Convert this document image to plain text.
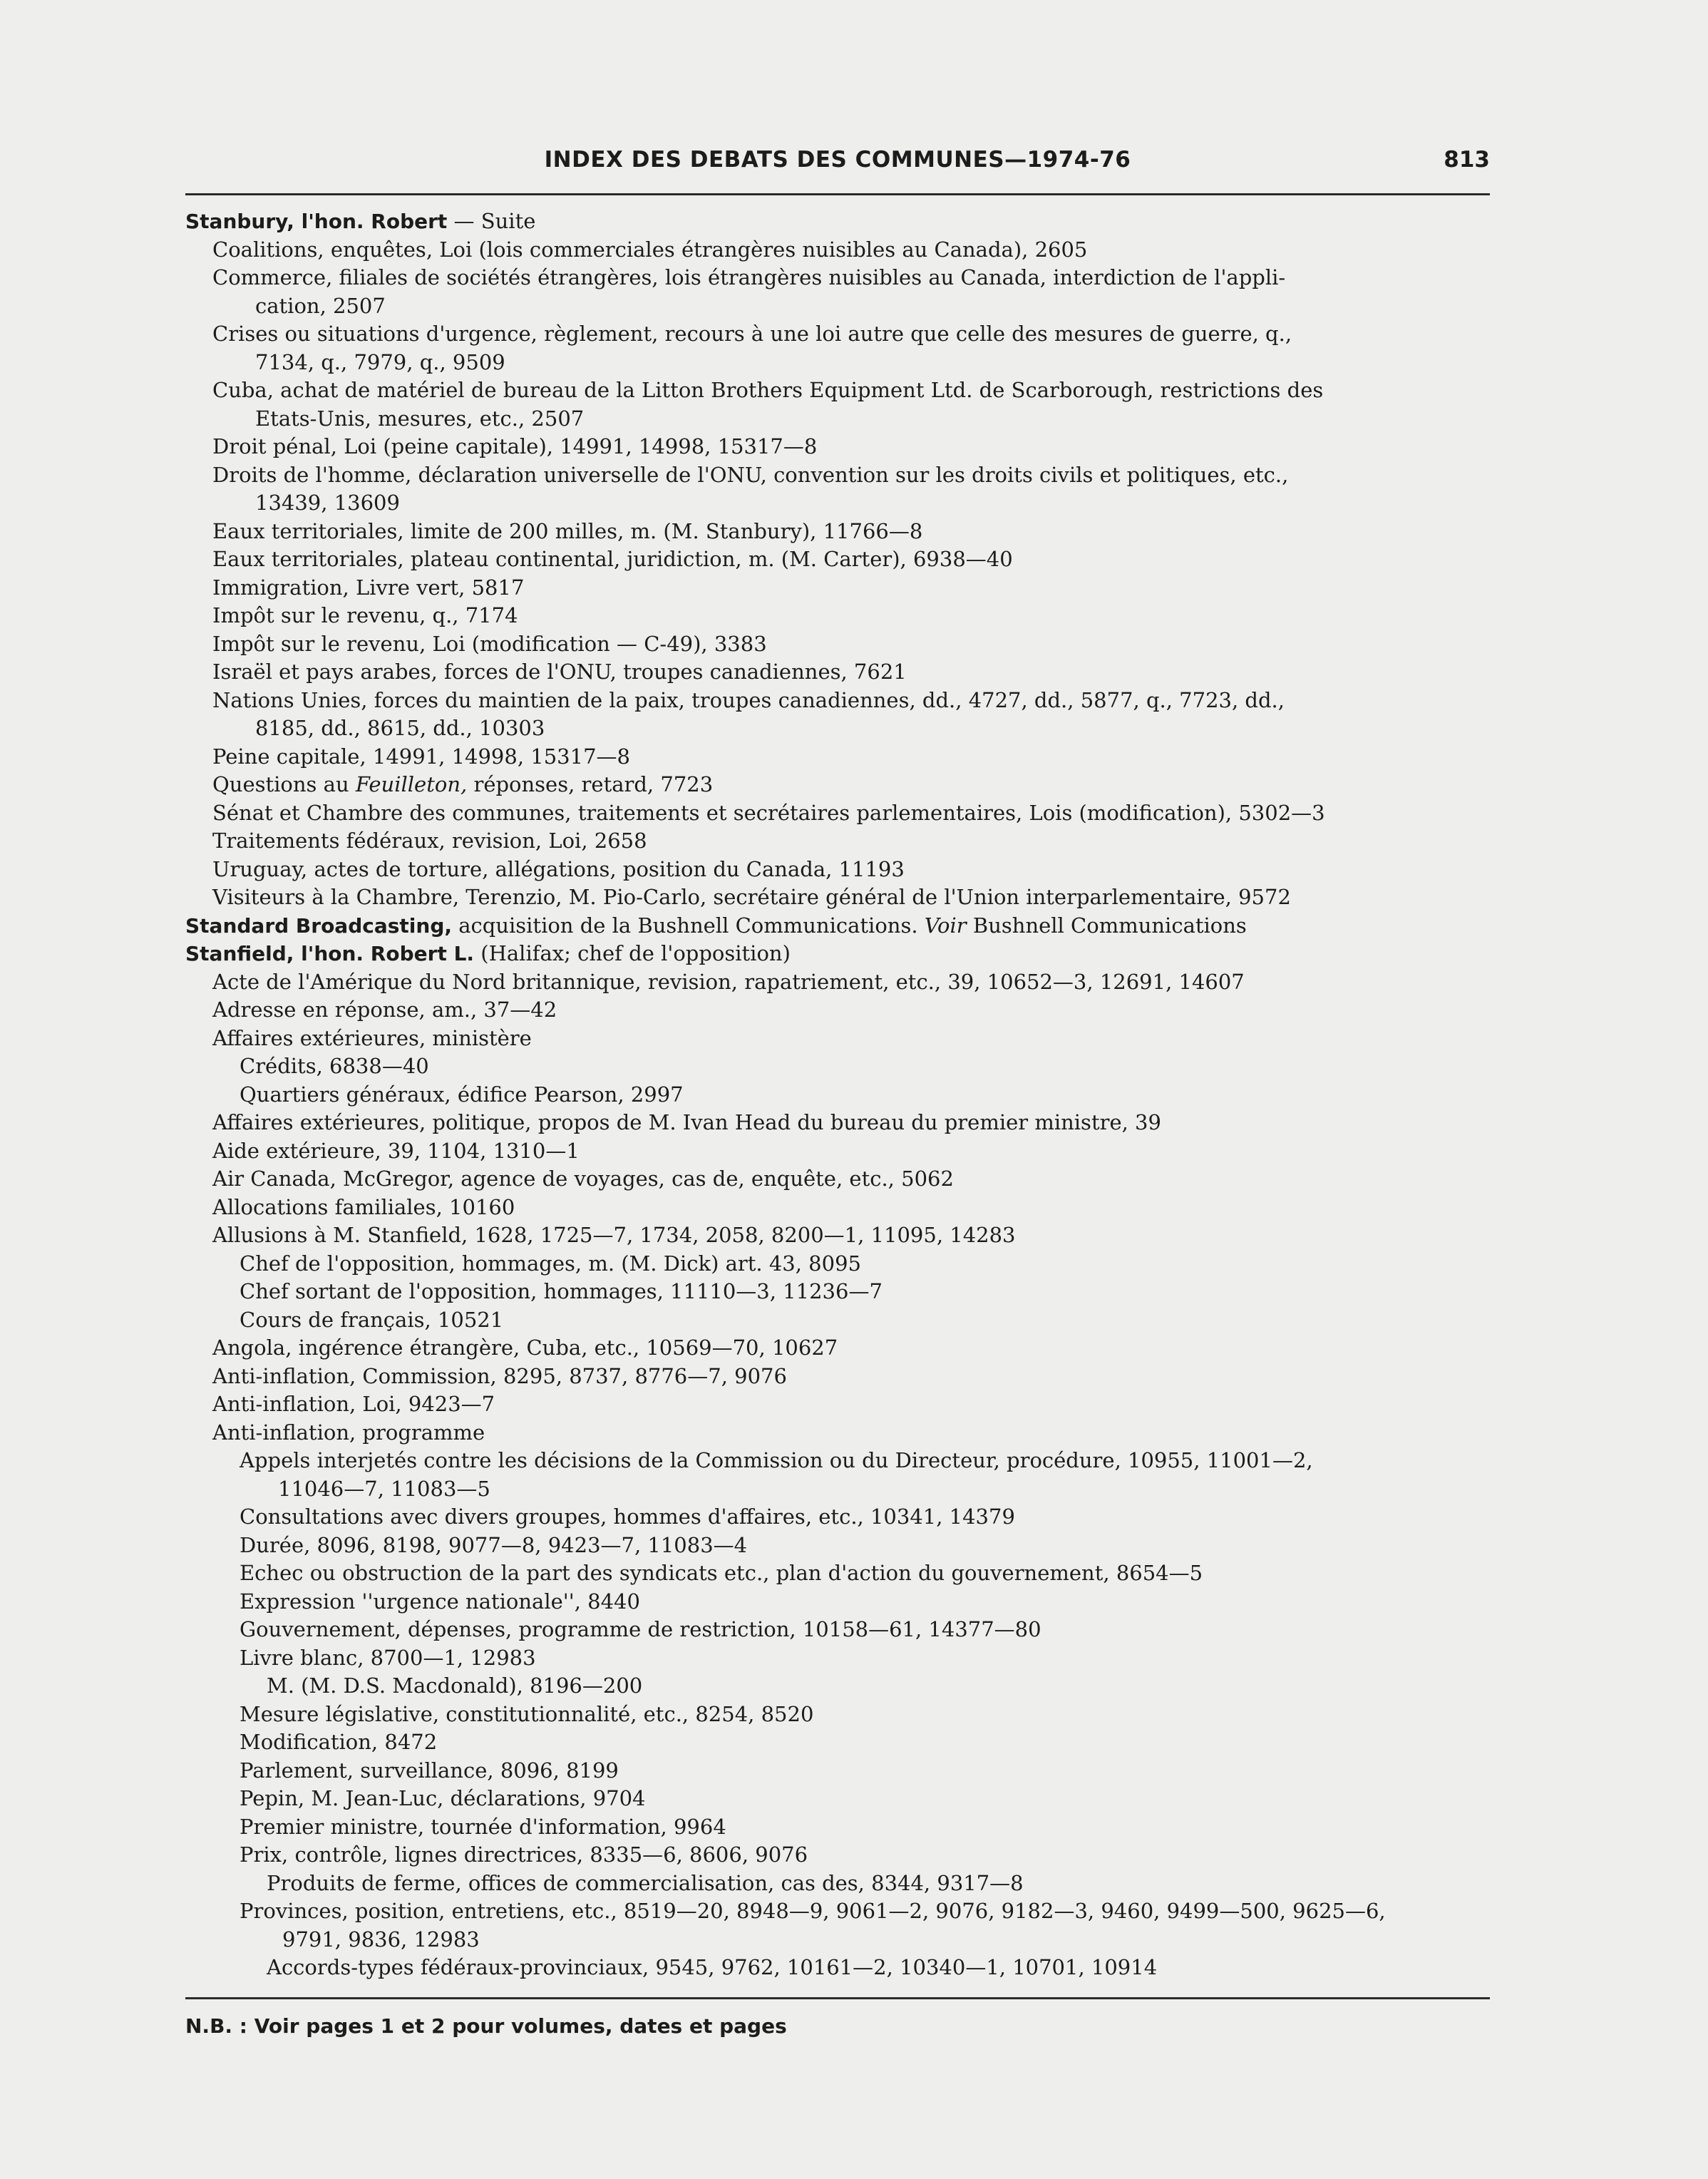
INDEX DES DEBATS DES COMMUNES—1974-76	813
Stanbury, l'hon. Robert — Suite
Coalitions, enquêtes, Loi (lois commerciales étrangères nuisibles au Canada), 2605
Commerce, filiales de sociétés étrangères, lois étrangères nuisibles au Canada, interdiction de l'appli-
cation, 2507
Crises ou situations d'urgence, règlement, recours à une loi autre que celle des mesures de guerre, q.,
7134, q., 7979, q., 9509
Cuba, achat de matériel de bureau de la Litton Brothers Equipment Ltd. de Scarborough, restrictions des
Etats-Unis, mesures, etc., 2507
Droit pénal, Loi (peine capitale), 14991, 14998, 15317—8
Droits de l'homme, déclaration universelle de l'ONU, convention sur les droits civils et politiques, etc.,
13439, 13609
Eaux territoriales, limite de 200 milles, m. (M. Stanbury), 11766—8
Eaux territoriales, plateau continental, juridiction, m. (M. Carter), 6938—40
Immigration, Livre vert, 5817
Impôt sur le revenu, q., 7174
Impôt sur le revenu, Loi (modification — C-49), 3383
Israël et pays arabes, forces de l'ONU, troupes canadiennes, 7621
Nations Unies, forces du maintien de la paix, troupes canadiennes, dd., 4727, dd., 5877, q., 7723, dd.,
8185, dd., 8615, dd., 10303
Peine capitale, 14991, 14998, 15317—8
Questions au Feuilleton, réponses, retard, 7723
Sénat et Chambre des communes, traitements et secrétaires parlementaires, Lois (modification), 5302—3
Traitements fédéraux, revision, Loi, 2658
Uruguay, actes de torture, allégations, position du Canada, 11193
Visiteurs à la Chambre, Terenzio, M. Pio-Carlo, secrétaire général de l'Union interparlementaire, 9572
Standard Broadcasting, acquisition de la Bushnell Communications. Voir Bushnell Communications
Stanfield, l'hon. Robert L. (Halifax; chef de l'opposition)
Acte de l'Amérique du Nord britannique, revision, rapatriement, etc., 39, 10652—3, 12691, 14607
Adresse en réponse, am., 37—42
Affaires extérieures, ministère
Crédits, 6838—40
Quartiers généraux, édifice Pearson, 2997
Affaires extérieures, politique, propos de M. Ivan Head du bureau du premier ministre, 39
Aide extérieure, 39, 1104, 1310—1
Air Canada, McGregor, agence de voyages, cas de, enquête, etc., 5062
Allocations familiales, 10160
Allusions à M. Stanfield, 1628, 1725—7, 1734, 2058, 8200—1, 11095, 14283
Chef de l'opposition, hommages, m. (M. Dick) art. 43, 8095
Chef sortant de l'opposition, hommages, 11110—3, 11236—7
Cours de français, 10521
Angola, ingérence étrangère, Cuba, etc., 10569—70, 10627
Anti-inflation, Commission, 8295, 8737, 8776—7, 9076
Anti-inflation, Loi, 9423—7
Anti-inflation, programme
Appels interjetés contre les décisions de la Commission ou du Directeur, procédure, 10955, 11001—2,
11046—7, 11083—5
Consultations avec divers groupes, hommes d'affaires, etc., 10341, 14379
Durée, 8096, 8198, 9077—8, 9423—7, 11083—4
Echec ou obstruction de la part des syndicats etc., plan d'action du gouvernement, 8654—5
Expression ''urgence nationale'', 8440
Gouvernement, dépenses, programme de restriction, 10158—61, 14377—80
Livre blanc, 8700—1, 12983
M. (M. D.S. Macdonald), 8196—200
Mesure législative, constitutionnalité, etc., 8254, 8520
Modification, 8472
Parlement, surveillance, 8096, 8199
Pepin, M. Jean-Luc, déclarations, 9704
Premier ministre, tournée d'information, 9964
Prix, contrôle, lignes directrices, 8335—6, 8606, 9076
Produits de ferme, offices de commercialisation, cas des, 8344, 9317—8
Provinces, position, entretiens, etc., 8519—20, 8948—9, 9061—2, 9076, 9182—3, 9460, 9499—500, 9625—6,
9791, 9836, 12983
Accords-types fédéraux-provinciaux, 9545, 9762, 10161—2, 10340—1, 10701, 10914
N.B. : Voir pages 1 et 2 pour volumes, dates et pages
